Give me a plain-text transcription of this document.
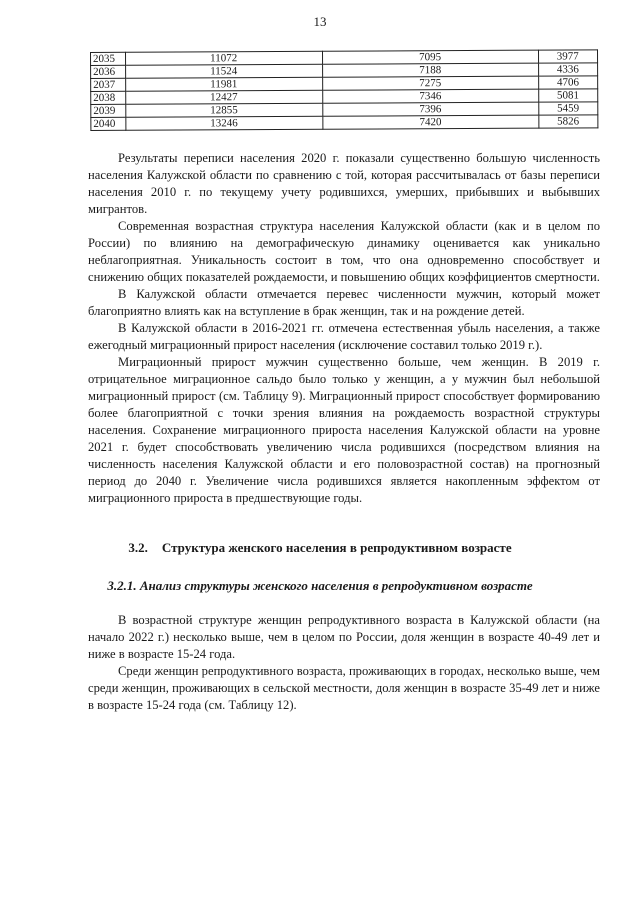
13
2035	11072	7095	3977
2036	11524	7188	4336
2037	11981	7275	4706
2038	12427	7346	5081
2039	12855	7396	5459
2040	13246	7420	5826

Результаты переписи населения 2020 г. показали существенно большую численность населения Калужской области по сравнению с той, которая рассчитывалась от базы переписи населения 2010 г. по текущему учету родившихся, умерших, прибывших и выбывших мигрантов.

Современная возрастная структура населения Калужской области (как и в целом по России) по влиянию на демографическую динамику оценивается как уникально неблагоприятная. Уникальность состоит в том, что она одновременно способствует и снижению общих показателей рождаемости, и повышению общих коэффициентов смертности.

В Калужской области отмечается перевес численности мужчин, который может благоприятно влиять как на вступление в брак женщин, так и на рождение детей.

В Калужской области в 2016-2021 гг. отмечена естественная убыль населения, а также ежегодный миграционный прирост населения (исключение составил только 2019 г.).

Миграционный прирост мужчин существенно больше, чем женщин. В 2019 г. отрицательное миграционное сальдо было только у женщин, а у мужчин был небольшой миграционный прирост (см. Таблицу 9). Миграционный прирост способствует формированию более благоприятной с точки зрения влияния на рождаемость возрастной структуры населения. Сохранение миграционного прироста населения Калужской области на уровне 2021 г. будет способствовать увеличению числа родившихся (посредством влияния на численность населения Калужской области и его половозрастной состав) на прогнозный период до 2040 г. Увеличение числа родившихся является накопленным эффектом от миграционного прироста в предшествующие годы.

3.2. Структура женского населения в репродуктивном возрасте
3.2.1. Анализ структуры женского населения в репродуктивном возрасте

В возрастной структуре женщин репродуктивного возраста в Калужской области (на начало 2022 г.) несколько выше, чем в целом по России, доля женщин в возрасте 40-49 лет и ниже в возрасте 15-24 года.

Среди женщин репродуктивного возраста, проживающих в городах, несколько выше, чем среди женщин, проживающих в сельской местности, доля женщин в возрасте 35-49 лет и ниже в возрасте 15-24 года (см. Таблицу 12).
